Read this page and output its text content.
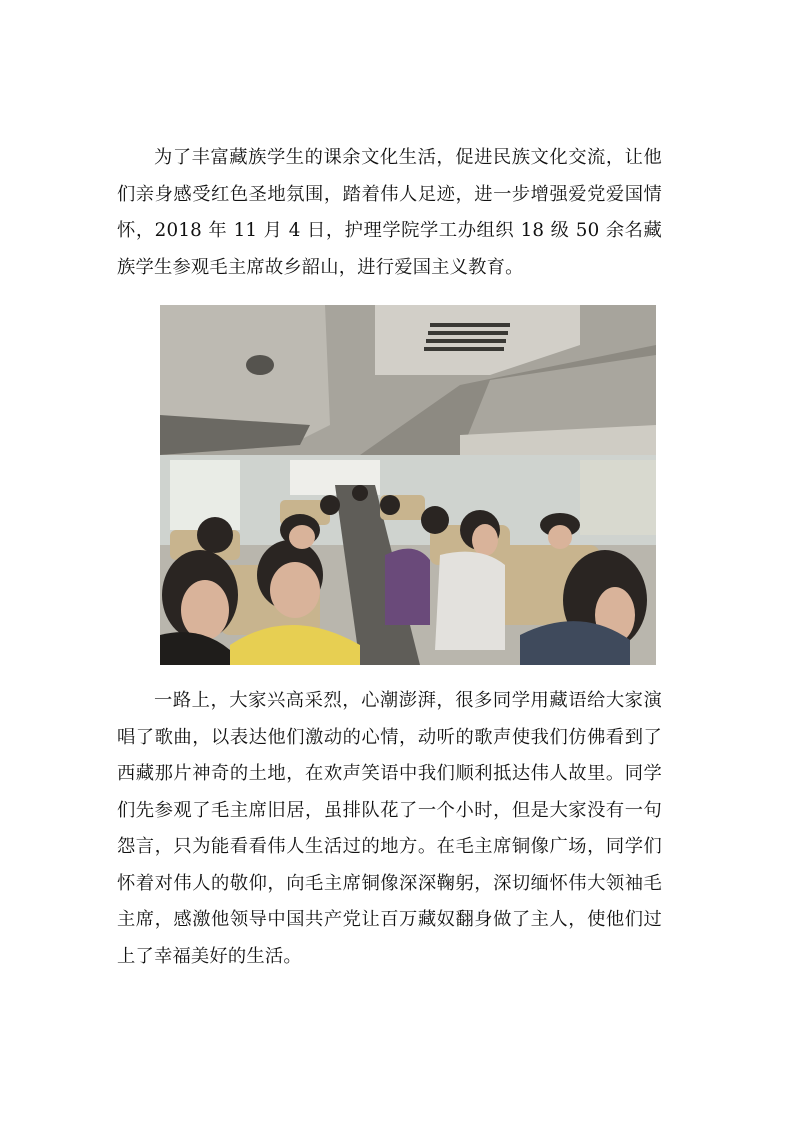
为了丰富藏族学生的课余文化生活，促进民族文化交流，让他们亲身感受红色圣地氛围，踏着伟人足迹，进一步增强爱党爱国情怀，2018 年 11 月 4 日，护理学院学工办组织 18 级 50 余名藏族学生参观毛主席故乡韶山，进行爱国主义教育。

一路上，大家兴高采烈，心潮澎湃，很多同学用藏语给大家演唱了歌曲，以表达他们激动的心情，动听的歌声使我们仿佛看到了西藏那片神奇的土地，在欢声笑语中我们顺利抵达伟人故里。同学们先参观了毛主席旧居，虽排队花了一个小时，但是大家没有一句怨言，只为能看看伟人生活过的地方。在毛主席铜像广场，同学们怀着对伟人的敬仰，向毛主席铜像深深鞠躬，深切缅怀伟大领袖毛主席，感激他领导中国共产党让百万藏奴翻身做了主人，使他们过上了幸福美好的生活。
